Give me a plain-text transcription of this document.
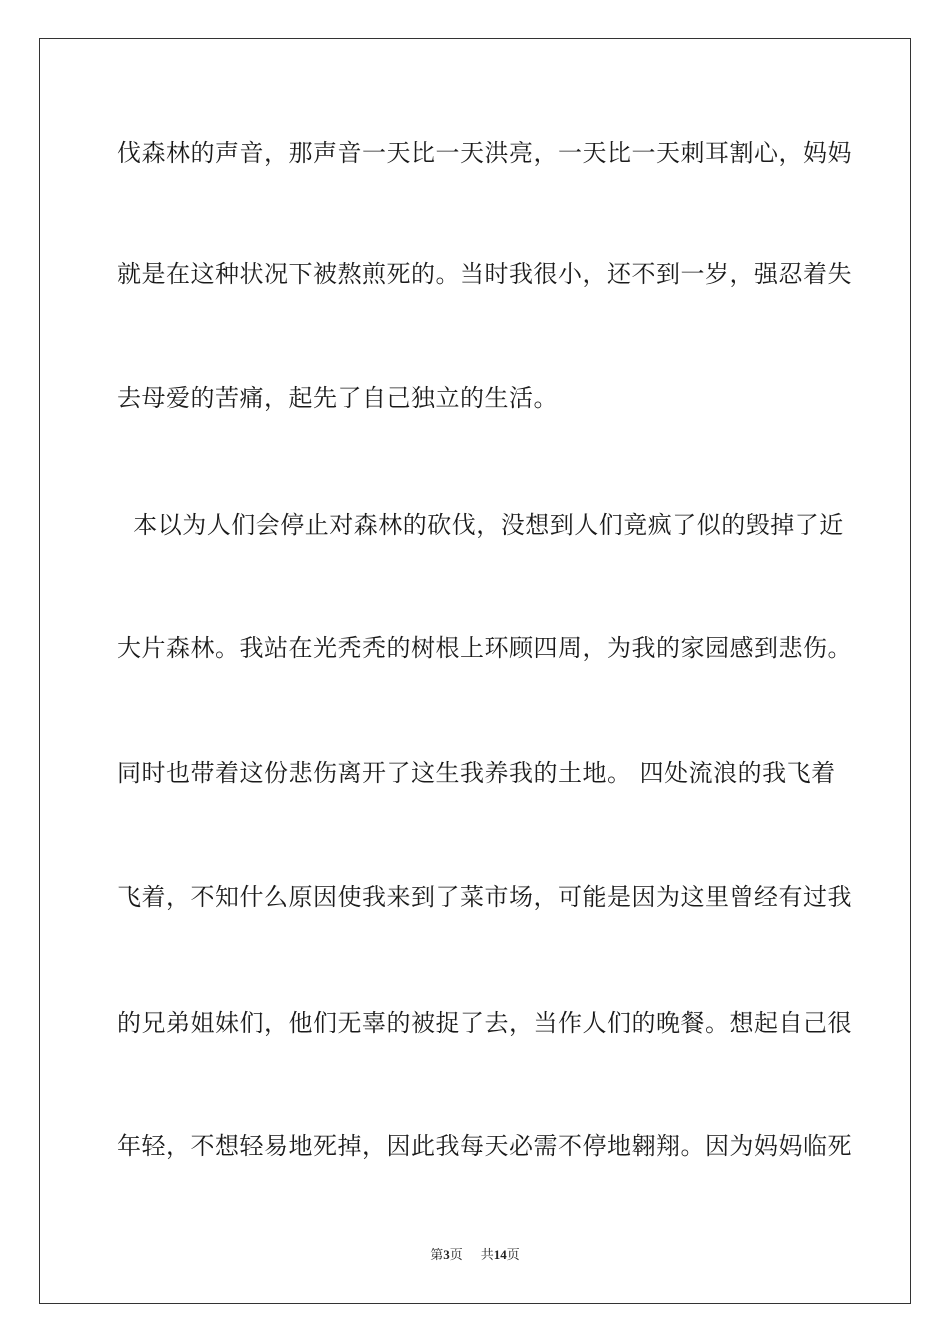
伐森林的声音，那声音一天比一天洪亮，一天比一天刺耳割心，妈妈
就是在这种状况下被熬煎死的。当时我很小，还不到一岁，强忍着失
去母爱的苦痛，起先了自己独立的生活。
本以为人们会停止对森林的砍伐，没想到人们竟疯了似的毁掉了近
大片森林。我站在光秃秃的树根上环顾四周，为我的家园感到悲伤。
同时也带着这份悲伤离开了这生我养我的土地。 四处流浪的我飞着
飞着，不知什么原因使我来到了菜市场，可能是因为这里曾经有过我
的兄弟姐妹们，他们无辜的被捉了去，当作人们的晚餐。想起自己很
年轻，不想轻易地死掉，因此我每天必需不停地翱翔。因为妈妈临死
第3页 共14页
